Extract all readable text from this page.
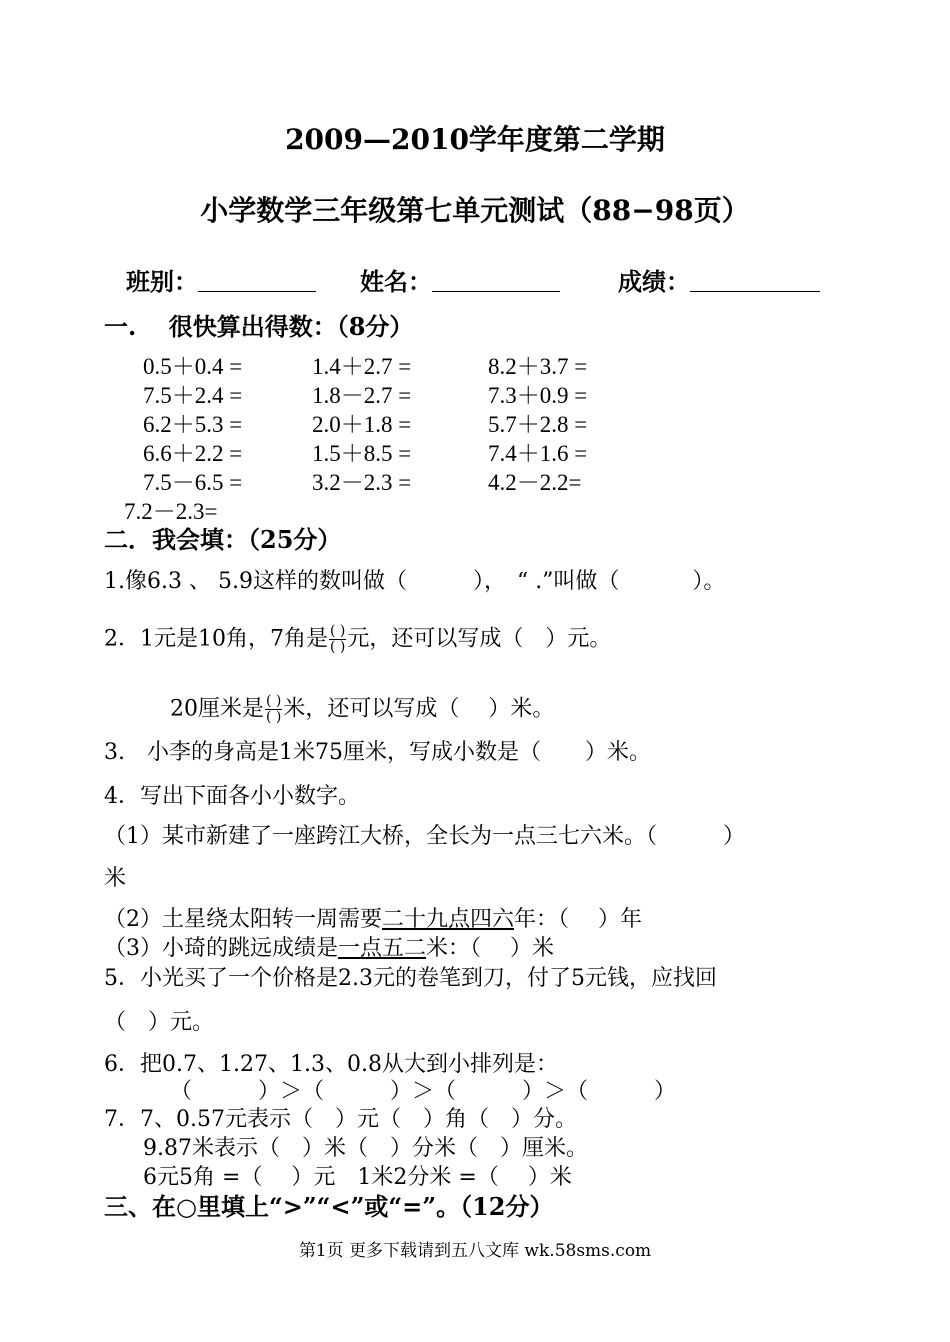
2009—2010学年度第二学期
小学数学三年级第七单元测试（88−98页）
班别：	姓名：	成绩：
一.　 很快算出得数：（8分）
0.5＋0.4 =	1.4＋2.7 =	8.2＋3.7 =
7.5＋2.4 =	1.8－2.7 =	7.3＋0.9 =
6.2＋5.3 =	2.0＋1.8 =	5.7＋2.8 =
6.6＋2.2 =	1.5＋8.5 =	7.4＋1.6 =
7.5－6.5 =	3.2－2.3 =	4.2－2.2=
7.2－2.3=
二．我会填：（25分）
1.像6.3 、 5.9这样的数叫做（　　　），　“ .”叫做（　　　 ）。
2．1元是10角，7角是 $\frac{( )}{( )}$ 元，还可以写成（　）元。
20厘米是 $\frac{( )}{( )}$ 米，还可以写成（　 ）米。
3.　小李的身高是1米75厘米，写成小数是（　　）米。
4．写出下面各小小数字。
（1）某市新建了一座跨江大桥，全长为一点三七六米。（　　　）
米
（2）土星绕太阳转一周需要二十九点四六年：（　 ）年
（3）小琦的跳远成绩是一点五二米：（　 ）米
5．小光买了一个价格是2.3元的卷笔到刀，付了5元钱，应找回
（　）元。
6．把0.7、1.27、1.3、0.8从大到小排列是：
（　　　）＞（　　　）＞（　　　）＞（　　　）
7．7、0.57元表示（　）元（　）角（　）分。
9.87米表示（　）米（　）分米（　）厘米。
6元5角 =（　 ）元　1米2分米 =（　 ）米
三、在○里填上“>”“<”或“=”。（12分）
第1页 更多下载请到五八文库 wk.58sms.com
